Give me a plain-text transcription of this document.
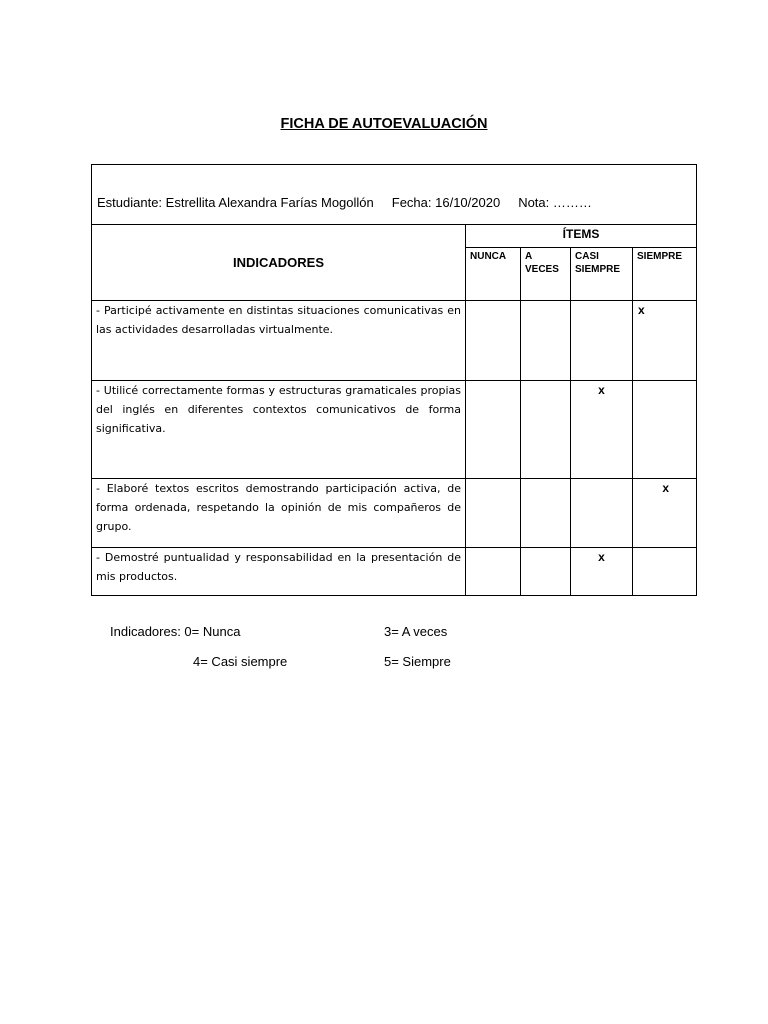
FICHA DE AUTOEVALUACIÓN
Estudiante: Estrellita Alexandra Farías Mogollón Fecha: 16/10/2020 Nota: ………				

INDICADORES	ÍTEMS			
	NUNCA	A VECES	CASI SIEMPRE	SIEMPRE
- Participé activamente en distintas situaciones comunicativas en las actividades desarrolladas virtualmente.				x
- Utilicé correctamente formas y estructuras gramaticales propias del inglés en diferentes contextos comunicativos de forma significativa.			x	
- Elaboré textos escritos demostrando participación activa, de forma ordenada, respetando la opinión de mis compañeros de grupo.				x
- Demostré puntualidad y responsabilidad en la presentación de mis productos.			x	
Indicadores: 0= Nunca	3= A veces
4= Casi siempre	5= Siempre
